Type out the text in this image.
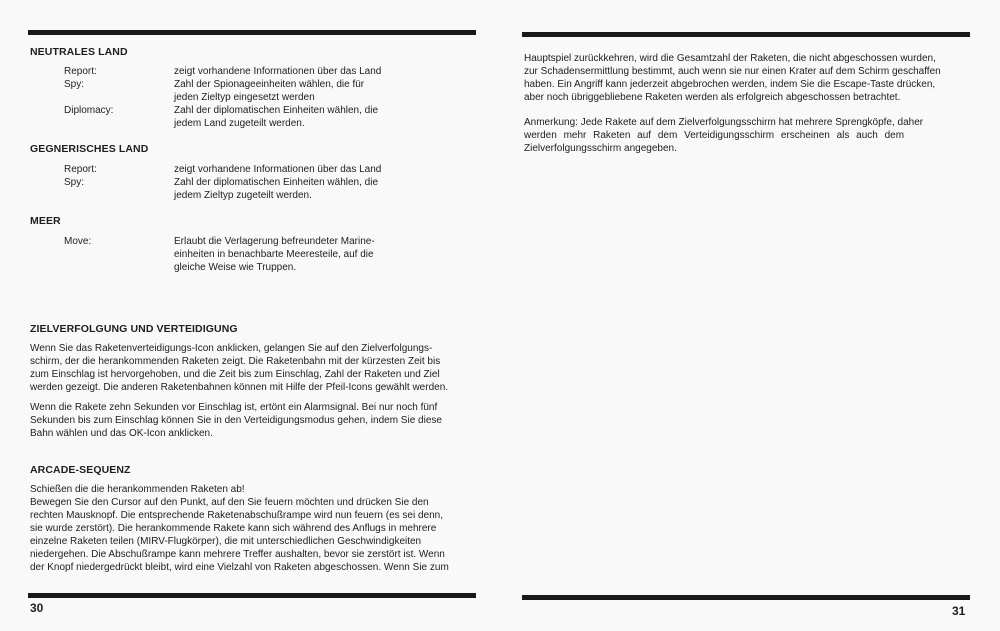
NEUTRALES LAND
Report:	zeigt vorhandene Informationen über das Land
Spy:	Zahl der Spionageeinheiten wählen, die für
jeden Zieltyp eingesetzt werden
Diplomacy:	Zahl der diplomatischen Einheiten wählen, die
jedem Land zugeteilt werden.
GEGNERISCHES LAND
Report:	zeigt vorhandene Informationen über das Land
Spy:	Zahl der diplomatischen Einheiten wählen, die
jedem Zieltyp zugeteilt werden.
MEER
Move:	Erlaubt die Verlagerung befreundeter Marine-
einheiten in benachbarte Meeresteile, auf die
gleiche Weise wie Truppen.
ZIELVERFOLGUNG UND VERTEIDIGUNG
Wenn Sie das Raketenverteidigungs-Icon anklicken, gelangen Sie auf den Zielverfolgungs-
schirm, der die herankommenden Raketen zeigt. Die Raketenbahn mit der kürzesten Zeit bis
zum Einschlag ist hervorgehoben, und die Zeit bis zum Einschlag, Zahl der Raketen und Ziel
werden gezeigt. Die anderen Raketenbahnen können mit Hilfe der Pfeil-Icons gewählt werden.
Wenn die Rakete zehn Sekunden vor Einschlag ist, ertönt ein Alarmsignal. Bei nur noch fünf
Sekunden bis zum Einschlag können Sie in den Verteidigungsmodus gehen, indem Sie diese
Bahn wählen und das OK-Icon anklicken.
ARCADE-SEQUENZ
Schießen die die herankommenden Raketen ab!
Bewegen Sie den Cursor auf den Punkt, auf den Sie feuern möchten und drücken Sie den
rechten Mausknopf. Die entsprechende Raketenabschußrampe wird nun feuern (es sei denn,
sie wurde zerstört). Die herankommende Rakete kann sich während des Anflugs in mehrere
einzelne Raketen teilen (MIRV-Flugkörper), die mit unterschiedlichen Geschwindigkeiten
niedergehen. Die Abschußrampe kann mehrere Treffer aushalten, bevor sie zerstört ist. Wenn
der Knopf niedergedrückt bleibt, wird eine Vielzahl von Raketen abgeschossen. Wenn Sie zum
30
Hauptspiel zurückkehren, wird die Gesamtzahl der Raketen, die nicht abgeschossen wurden,
zur Schadensermittlung bestimmt, auch wenn sie nur einen Krater auf dem Schirm geschaffen
haben. Ein Angriff kann jederzeit abgebrochen werden, indem Sie die Escape-Taste drücken,
aber noch übriggebliebene Raketen werden als erfolgreich abgeschossen betrachtet.
Anmerkung: Jede Rakete auf dem Zielverfolgungsschirm hat mehrere Sprengköpfe, daher
werden mehr Raketen auf dem Verteidigungsschirm erscheinen als auch dem
Zielverfolgungsschirm angegeben.
31
